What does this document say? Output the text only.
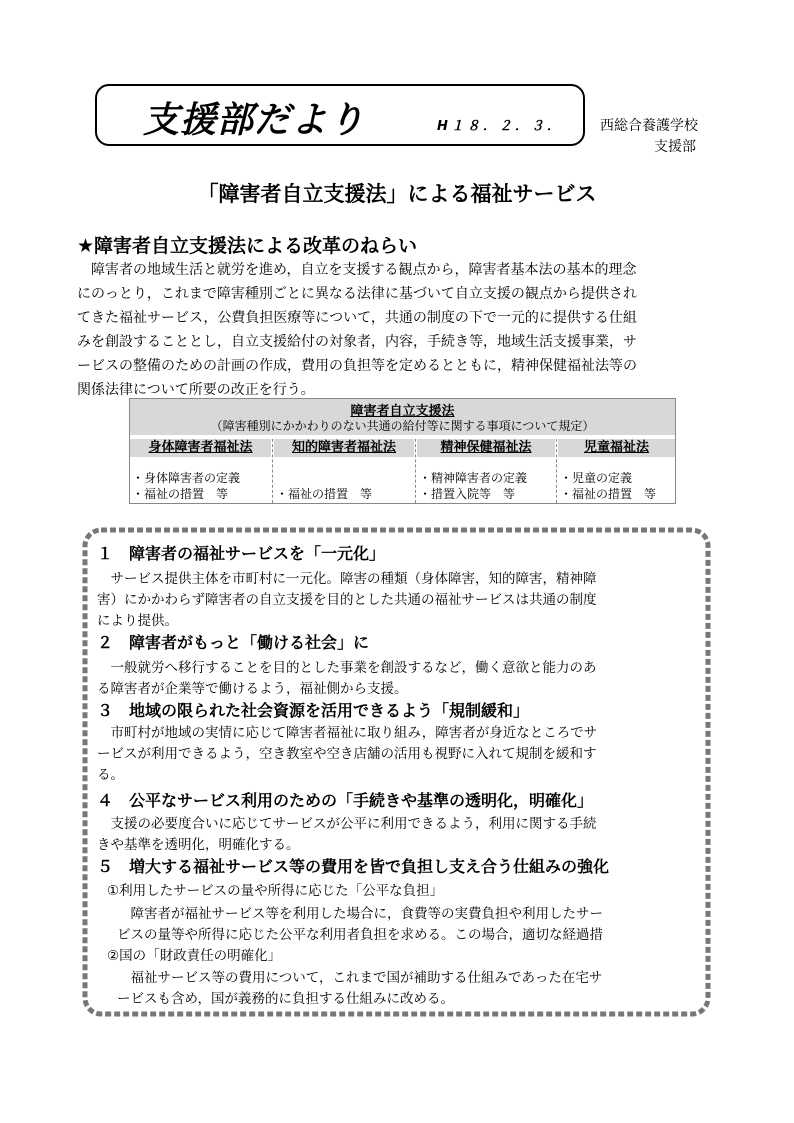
支援部だより	H１８．２．３．	西総合養護学校
支援部
「障害者自立支援法」による福祉サービス
★障害者自立支援法による改革のねらい
　障害者の地域生活と就労を進め，自立を支援する観点から，障害者基本法の基本的理念
にのっとり，これまで障害種別ごとに異なる法律に基づいて自立支援の観点から提供され
てきた福祉サービス，公費負担医療等について，共通の制度の下で一元的に提供する仕組
みを創設することとし，自立支援給付の対象者，内容，手続き等，地域生活支援事業，サ
ービスの整備のための計画の作成，費用の負担等を定めるとともに，精神保健福祉法等の
関係法律について所要の改正を行う。
障害者自立支援法
（障害種別にかかわりのない共通の給付等に関する事項について規定）
身体障害者福祉法
・身体障害者の定義
・福祉の措置　等
知的障害者福祉法
・福祉の措置　等
精神保健福祉法
・精神障害者の定義
・措置入院等　等
児童福祉法
・児童の定義
・福祉の措置　等
１　障害者の福祉サービスを「一元化」
　サービス提供主体を市町村に一元化。障害の種類（身体障害，知的障害，精神障
害）にかかわらず障害者の自立支援を目的とした共通の福祉サービスは共通の制度
により提供。
２　障害者がもっと「働ける社会」に
　一般就労へ移行することを目的とした事業を創設するなど，働く意欲と能力のあ
る障害者が企業等で働けるよう，福祉側から支援。
３　地域の限られた社会資源を活用できるよう「規制緩和」
　市町村が地域の実情に応じて障害者福祉に取り組み，障害者が身近なところでサ
ービスが利用できるよう，空き教室や空き店舗の活用も視野に入れて規制を緩和す
る。
４　公平なサービス利用のための「手続きや基準の透明化，明確化」
　支援の必要度合いに応じてサービスが公平に利用できるよう，利用に関する手続
きや基準を透明化，明確化する。
５　増大する福祉サービス等の費用を皆で負担し支え合う仕組みの強化
①利用したサービスの量や所得に応じた「公平な負担」
　障害者が福祉サービス等を利用した場合に，食費等の実費負担や利用したサー
ビスの量等や所得に応じた公平な利用者負担を求める。この場合，適切な経過措
②国の「財政責任の明確化」
　福祉サービス等の費用について，これまで国が補助する仕組みであった在宅サ
ービスも含め，国が義務的に負担する仕組みに改める。
